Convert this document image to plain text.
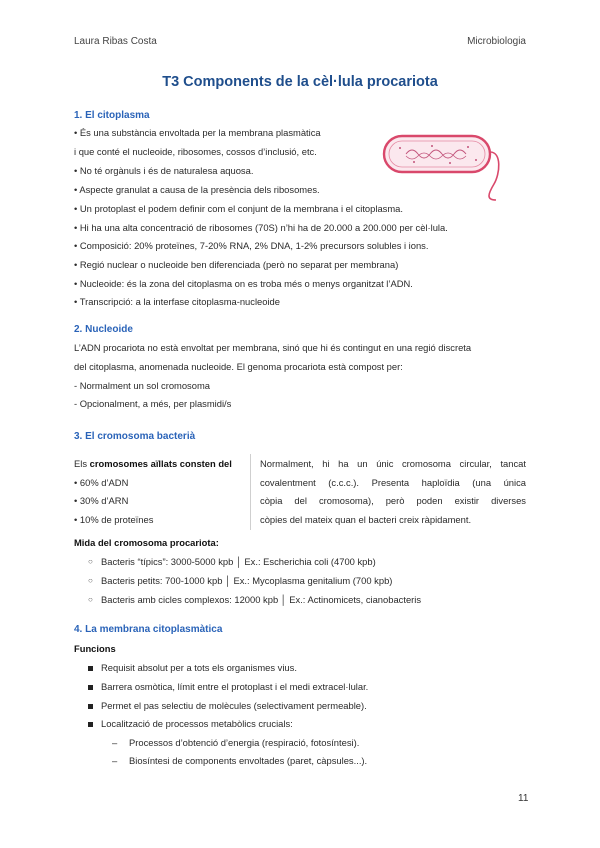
Laura Ribas Costa	Microbiologia
T3 Components de la cèl·lula procariota
1. El citoplasma
• És una substància envoltada per la membrana plasmàtica
i que conté el nucleoide, ribosomes, cossos d’inclusió, etc.
• No té orgànuls i és de naturalesa aquosa.
• Aspecte granulat a causa de la presència dels ribosomes.
• Un protoplast el podem definir com el conjunt de la membrana i el citoplasma.
• Hi ha una alta concentració de ribosomes (70S) n’hi ha de 20.000 a 200.000 per cèl·lula.
• Composició: 20% proteïnes, 7-20% RNA, 2% DNA, 1-2% precursors solubles i ions.
• Regió nuclear o nucleoide ben diferenciada (però no separat per membrana)
• Nucleoide: és la zona del citoplasma on es troba més o menys organitzat l’ADN.
• Transcripció: a la interfase citoplasma-nucleoide
2. Nucleoide
L’ADN procariota no està envoltat per membrana, sinó que hi és contingut en una regió discreta
del citoplasma, anomenada nucleoide. El genoma procariota està compost per:
- Normalment un sol cromosoma
- Opcionalment, a més, per plasmidi/s
3. El cromosoma bacterià
Els cromosomes aïllats consten del
• 60% d’ADN
• 30% d’ARN
• 10% de proteïnes
Normalment, hi ha un únic cromosoma circular, tancat
covalentment (c.c.c.). Presenta haploïdia (una única
còpia del cromosoma), però poden existir diverses
còpies del mateix quan el bacteri creix ràpidament.
Mida del cromosoma procariota:
○ Bacteris “típics”: 3000-5000 kpb │ Ex.: Escherichia coli (4700 kpb)
○ Bacteris petits: 700-1000 kpb │ Ex.: Mycoplasma genitalium (700 kpb)
○ Bacteris amb cicles complexos: 12000 kpb │ Ex.: Actinomicets, cianobacteris
4. La membrana citoplasmàtica
Funcions
Requisit absolut per a tots els organismes vius.
Barrera osmòtica, límit entre el protoplast i el medi extracel·lular.
Permet el pas selectiu de molècules (selectivament permeable).
Localització de processos metabòlics crucials:
– Processos d’obtenció d’energia (respiració, fotosíntesi).
– Biosíntesi de components envoltades (paret, càpsules...).
11
